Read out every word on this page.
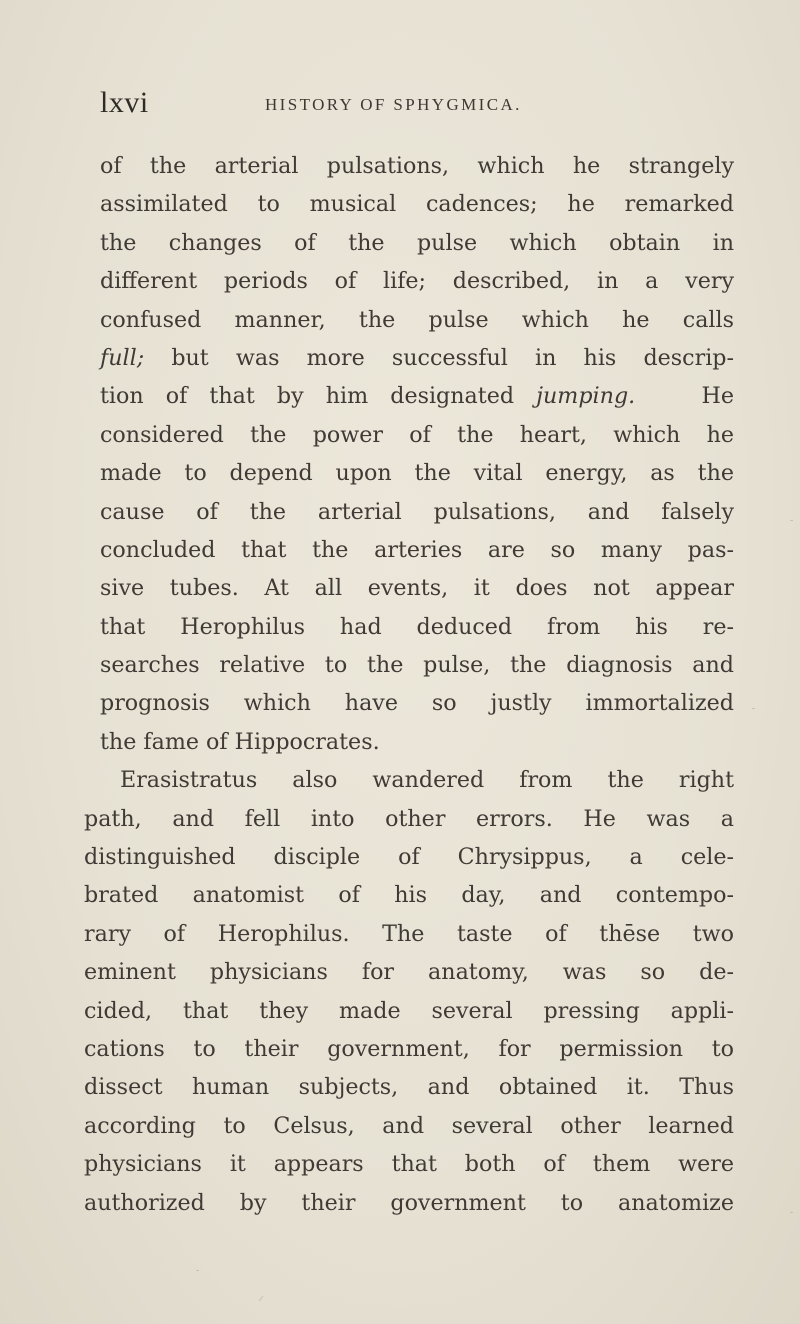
lxvi	HISTORY OF SPHYGMICA.
of the arterial pulsations, which he strangely
assimilated to musical cadences; he remarked
the changes of the pulse which obtain in
different periods of life; described, in a very
confused manner, the pulse which he calls
full; but was more successful in his descrip-
tion of that by him designated jumping.	He
considered the power of the heart, which he
made to depend upon the vital energy, as the
cause of the arterial pulsations, and falsely
concluded that the arteries are so many pas-
sive tubes. At all events, it does not appear
that Herophilus had deduced from his re-
searches relative to the pulse, the diagnosis and
prognosis which have so justly immortalized
the fame of Hippocrates.
Erasistratus also wandered from the right
path, and fell into other errors. He was a
distinguished disciple of Chrysippus, a cele-
brated anatomist of his day, and contempo-
rary of Herophilus. The taste of thēse two
eminent physicians for anatomy, was so de-
cided, that they made several pressing appli-
cations to their government, for permission to
dissect human subjects, and obtained it. Thus
according to Celsus, and several other learned
physicians it appears that both of them were
authorized by their government to anatomize
